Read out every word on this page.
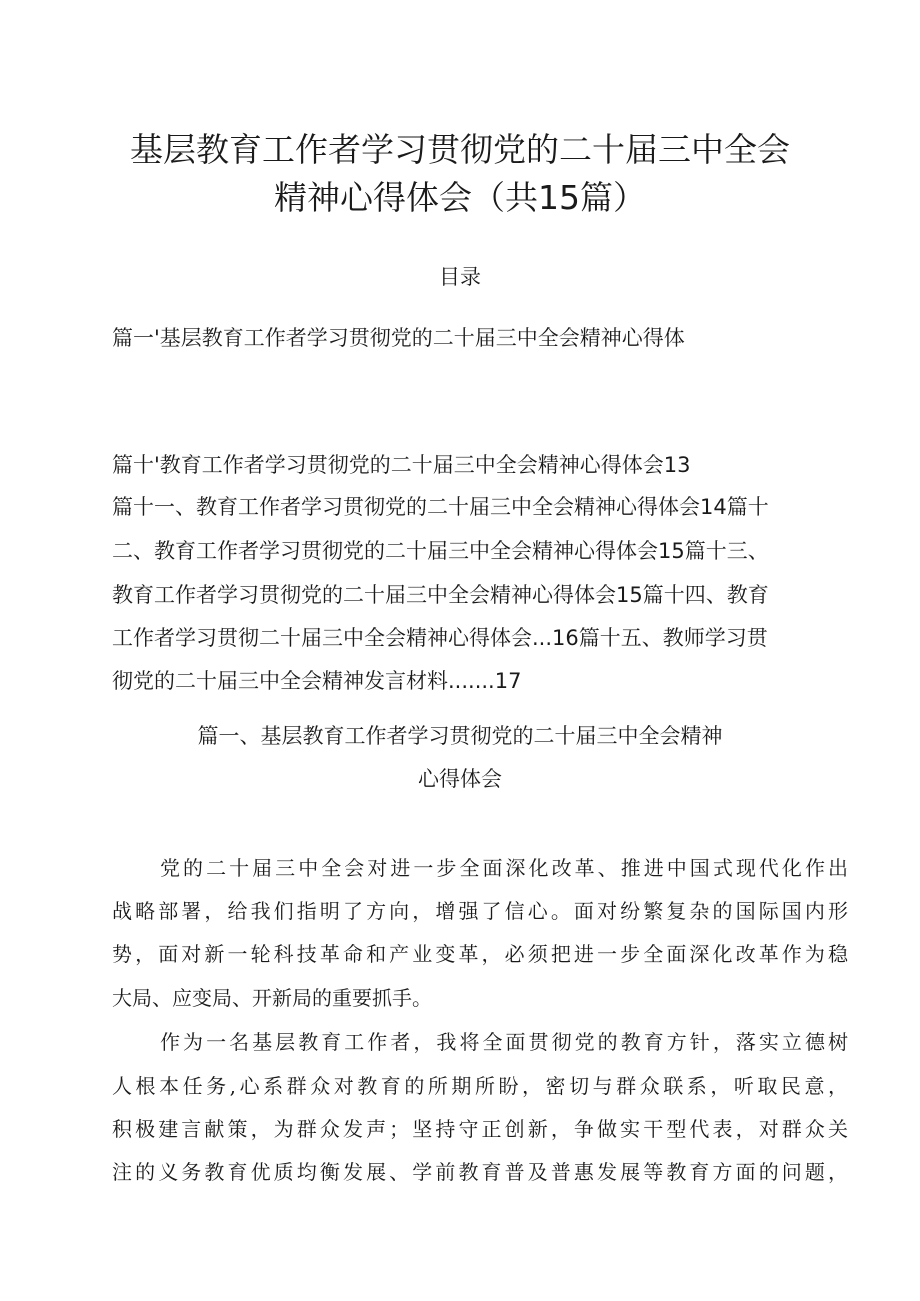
基层教育工作者学习贯彻党的二十届三中全会
精神心得体会（共15篇）
目录
篇一'基层教育工作者学习贯彻党的二十届三中全会精神心得体
篇十'教育工作者学习贯彻党的二十届三中全会精神心得体会13
篇十一、教育工作者学习贯彻党的二十届三中全会精神心得体会14篇十
二、教育工作者学习贯彻党的二十届三中全会精神心得体会15篇十三、
教育工作者学习贯彻党的二十届三中全会精神心得体会15篇十四、教育
工作者学习贯彻二十届三中全会精神心得体会...16篇十五、教师学习贯
彻党的二十届三中全会精神发言材料.......17
篇一、基层教育工作者学习贯彻党的二十届三中全会精神
心得体会
党的二十届三中全会对进一步全面深化改革、推进中国式现代化作出
战略部署，给我们指明了方向，增强了信心。面对纷繁复杂的国际国内形
势，面对新一轮科技革命和产业变革，必须把进一步全面深化改革作为稳
大局、应变局、开新局的重要抓手。
作为一名基层教育工作者，我将全面贯彻党的教育方针，落实立德树
人根本任务,心系群众对教育的所期所盼，密切与群众联系，听取民意，
积极建言献策，为群众发声；坚持守正创新，争做实干型代表，对群众关
注的义务教育优质均衡发展、学前教育普及普惠发展等教育方面的问题，
